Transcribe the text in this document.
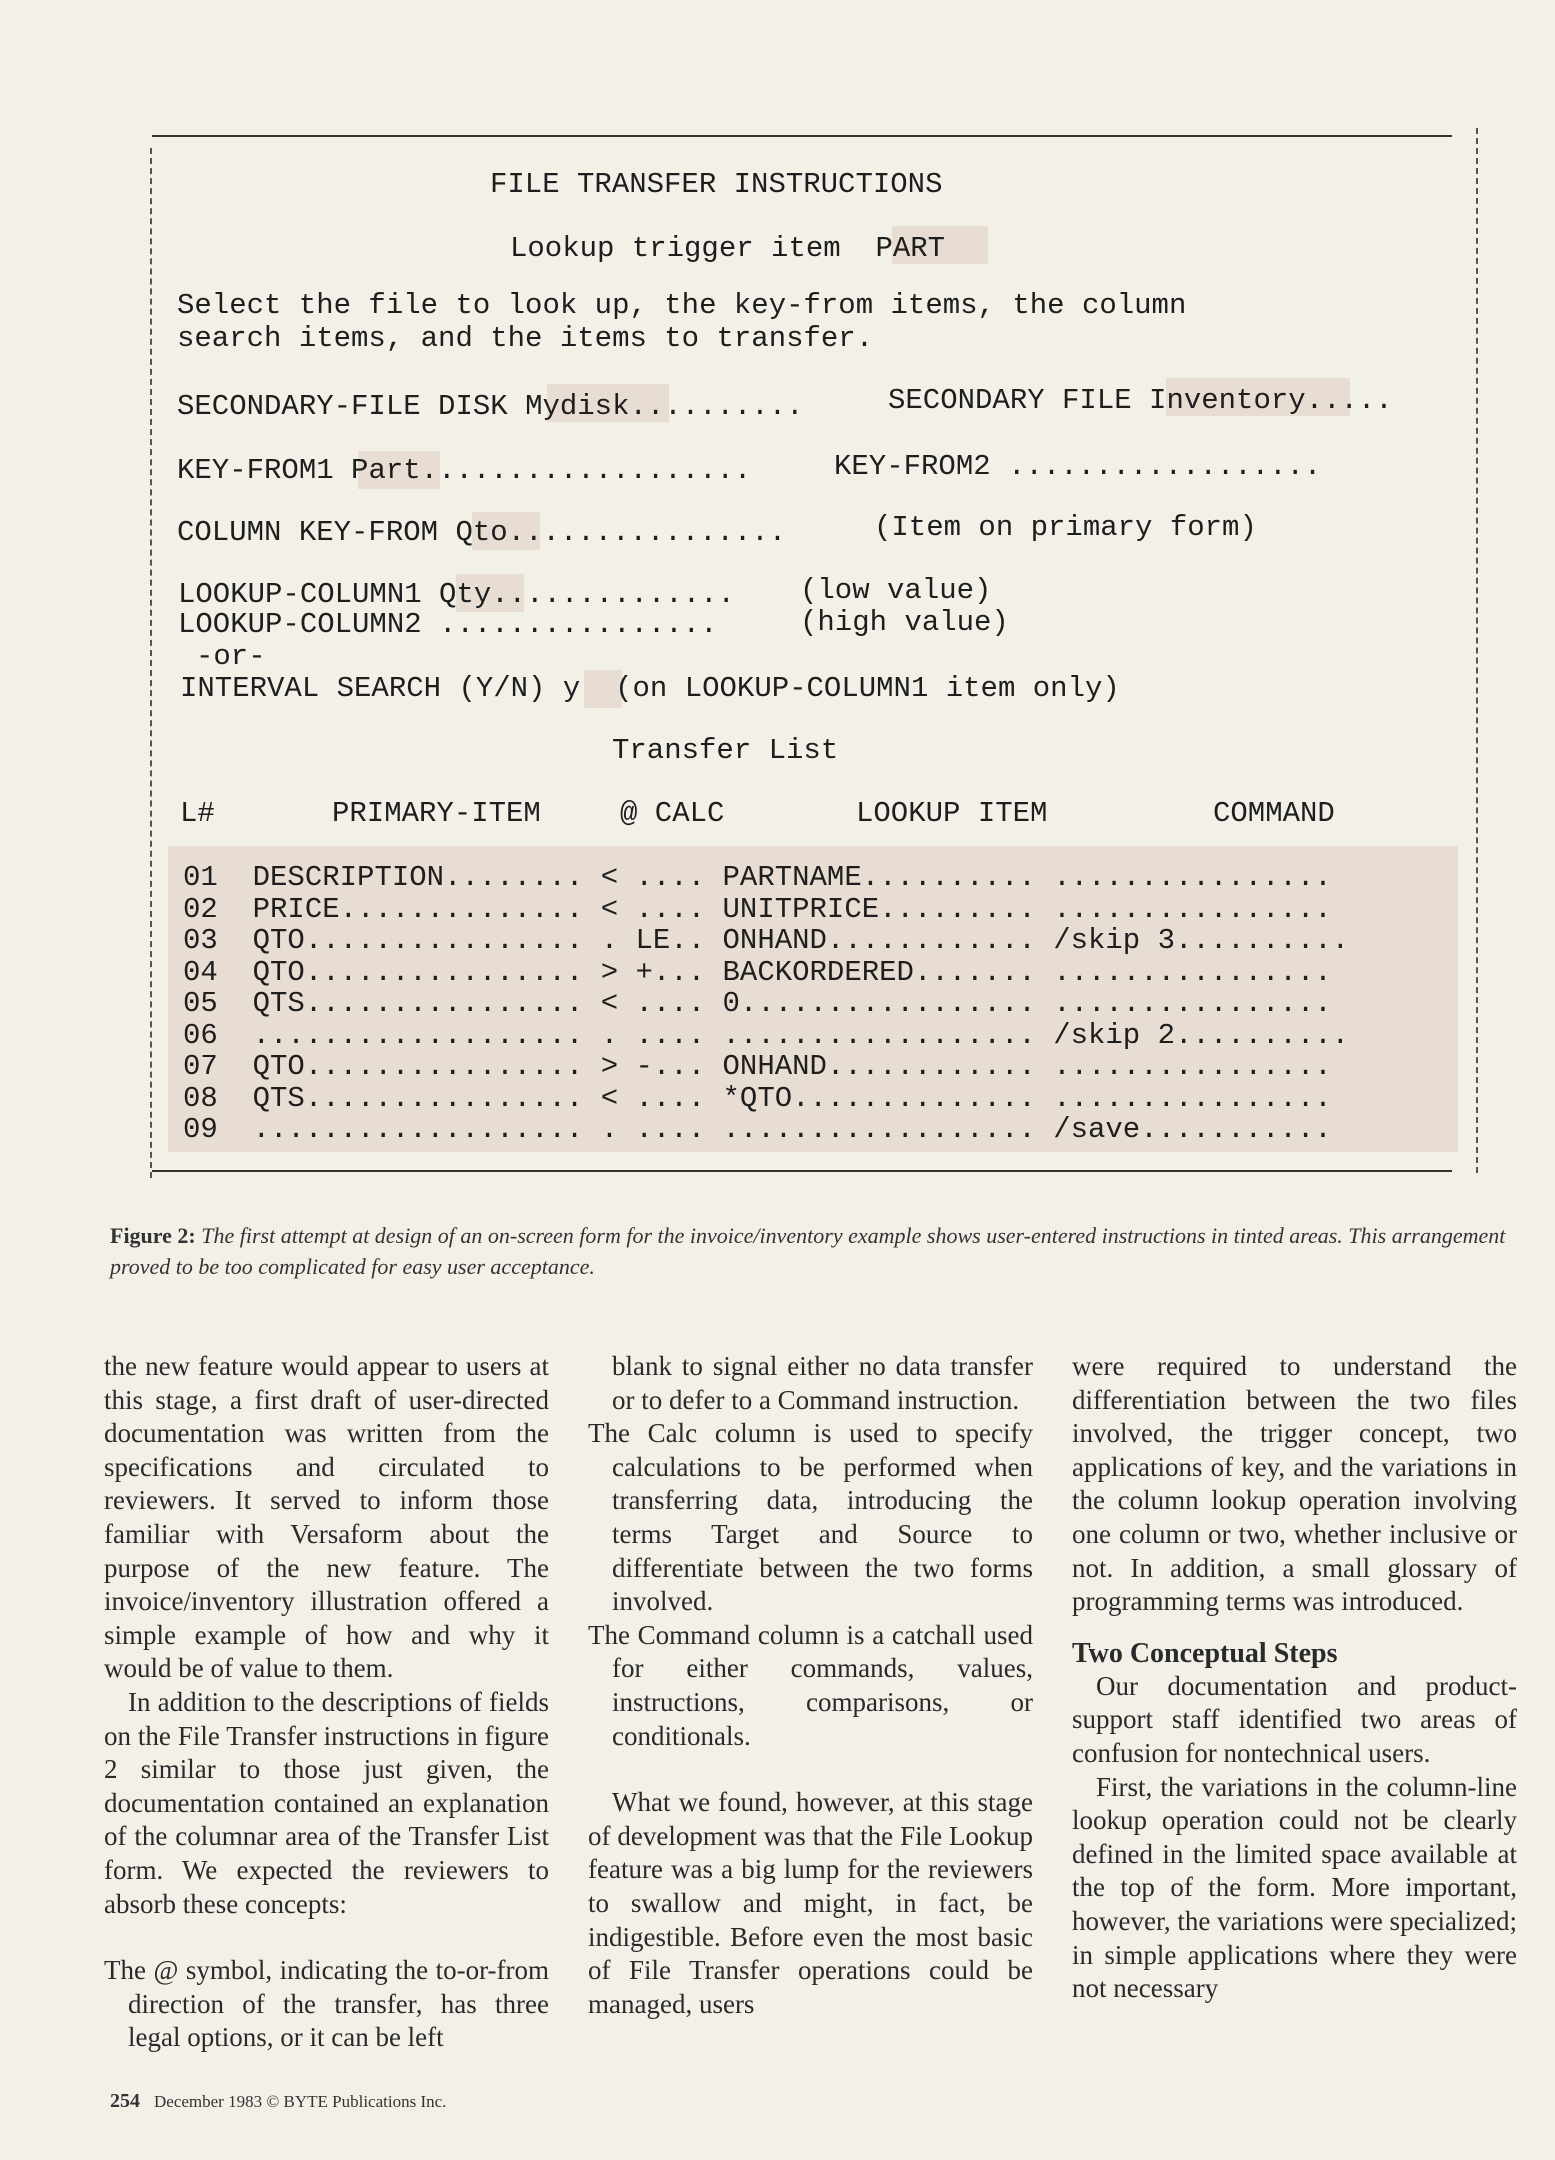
FILE TRANSFER INSTRUCTIONS
Lookup trigger item PART
Select the file to look up, the key-from items, the column
search items, and the items to transfer.
SECONDARY-FILE DISK Mydisk..........	SECONDARY FILE Inventory.....
KEY-FROM1 Part...................	KEY-FROM2 ..................
COLUMN KEY-FROM Qto................	(Item on primary form)
LOOKUP-COLUMN1 Qty.............. (low value)
LOOKUP-COLUMN2 ................	(high value)
-or-
INTERVAL SEARCH (Y/N) y (on LOOKUP-COLUMN1 item only)
Transfer List
L#	PRIMARY-ITEM	@ CALC	LOOKUP ITEM	COMMAND
01 DESCRIPTION........ < .... PARTNAME.......... ................
02 PRICE.............. < .... UNITPRICE......... ................
03 QTO................ . LE.. ONHAND............ /skip 3..........
04 QTO................ > +... BACKORDERED....... ................
05 QTS................ < .... 0................. ................
06 ................... . .... .................. /skip 2..........
07 QTO................ > -... ONHAND............ ................
08 QTS................ < .... *QTO.............. ................
09 ................... . .... .................. /save...........
Figure 2: The first attempt at design of an on-screen form for the invoice/inventory example shows user-entered instructions in tinted areas. This arrangement proved to be too complicated for easy user acceptance.

the new feature would appear to users at this stage, a first draft of user-directed documentation was written from the specifications and circulated to reviewers. It served to inform those familiar with Versaform about the purpose of the new feature. The invoice/inventory illustration offered a simple example of how and why it would be of value to them.

In addition to the descriptions of fields on the File Transfer instructions in figure 2 similar to those just given, the documentation contained an explanation of the columnar area of the Transfer List form. We expected the reviewers to absorb these concepts:

The @ symbol, indicating the to-or-from direction of the transfer, has three legal options, or it can be left

blank to signal either no data transfer or to defer to a Command instruction.

The Calc column is used to specify calculations to be performed when transferring data, introducing the terms Target and Source to differentiate between the two forms involved.

The Command column is a catchall used for either commands, values, instructions, comparisons, or conditionals.

What we found, however, at this stage of development was that the File Lookup feature was a big lump for the reviewers to swallow and might, in fact, be indigestible. Before even the most basic of File Transfer operations could be managed, users

were required to understand the differentiation between the two files involved, the trigger concept, two applications of key, and the variations in the column lookup operation involving one column or two, whether inclusive or not. In addition, a small glossary of programming terms was introduced.

Two Conceptual Steps

Our documentation and product-support staff identified two areas of confusion for nontechnical users.

First, the variations in the column-line lookup operation could not be clearly defined in the limited space available at the top of the form. More important, however, the variations were specialized; in simple applications where they were not necessary

254 December 1983 © BYTE Publications Inc.
